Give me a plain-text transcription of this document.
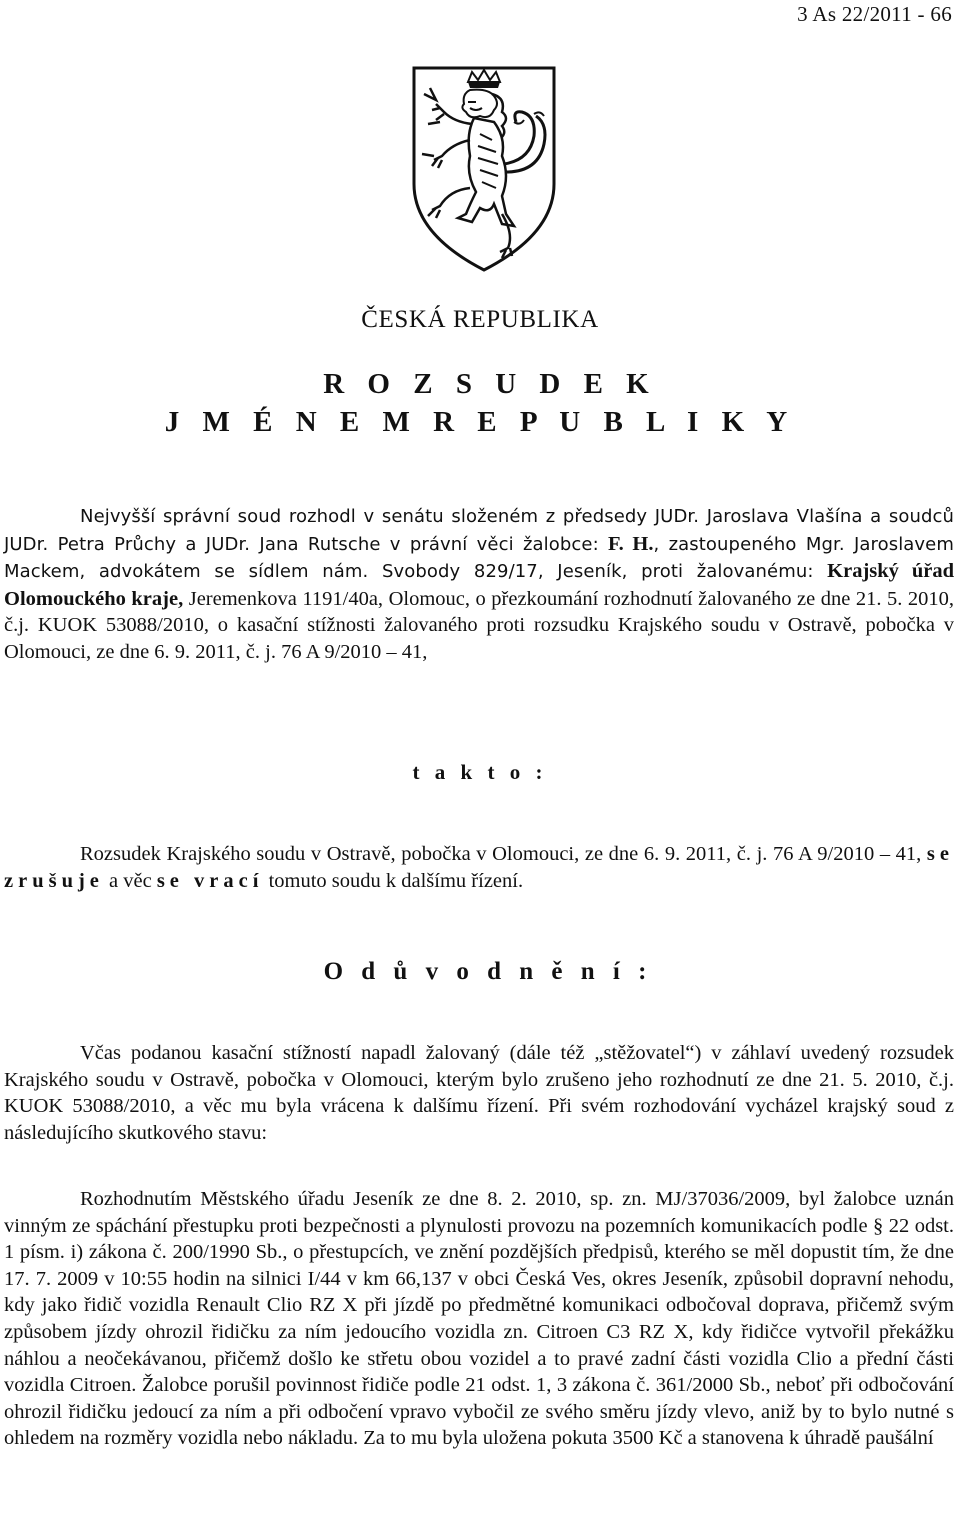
3 As 22/2011 - 66
ČESKÁ REPUBLIKA
R O Z S U D E K
J M É N E M R E P U B L I K Y

Nejvyšší správní soud rozhodl v senátu složeném z předsedy JUDr. Jaroslava Vlašína a soudců JUDr. Petra Průchy a JUDr. Jana Rutsche v právní věci žalobce: F. H., zastoupeného Mgr. Jaroslavem Mackem, advokátem se sídlem nám. Svobody 829/17, Jeseník, proti žalovanému: Krajský úřad Olomouckého kraje, Jeremenkova 1191/40a, Olomouc, o přezkoumání rozhodnutí žalovaného ze dne 21. 5. 2010, č.j. KUOK 53088/2010, o kasační stížnosti žalovaného proti rozsudku Krajského soudu v Ostravě, pobočka v Olomouci, ze dne 6. 9. 2011, č. j. 76 A 9/2010 – 41,

t a k t o :

Rozsudek Krajského soudu v Ostravě, pobočka v Olomouci, ze dne 6. 9. 2011, č. j. 76 A 9/2010 – 41, se zrušuje a věc se vrací tomuto soudu k dalšímu řízení.

O d ů v o d n ě n í :

Včas podanou kasační stížností napadl žalovaný (dále též „stěžovatel“) v záhlaví uvedený rozsudek Krajského soudu v Ostravě, pobočka v Olomouci, kterým bylo zrušeno jeho rozhodnutí ze dne 21. 5. 2010, č.j. KUOK 53088/2010, a věc mu byla vrácena k dalšímu řízení. Při svém rozhodování vycházel krajský soud z následujícího skutkového stavu:

Rozhodnutím Městského úřadu Jeseník ze dne 8. 2. 2010, sp. zn. MJ/37036/2009, byl žalobce uznán vinným ze spáchání přestupku proti bezpečnosti a plynulosti provozu na pozemních komunikacích podle § 22 odst. 1 písm. i) zákona č. 200/1990 Sb., o přestupcích, ve znění pozdějších předpisů, kterého se měl dopustit tím, že dne 17. 7. 2009 v 10:55 hodin na silnici I/44 v km 66,137 v obci Česká Ves, okres Jeseník, způsobil dopravní nehodu, kdy jako řidič vozidla Renault Clio RZ X při jízdě po předmětné komunikaci odbočoval doprava, přičemž svým způsobem jízdy ohrozil řidičku za ním jedoucího vozidla zn. Citroen C3 RZ X, kdy řidičce vytvořil překážku náhlou a neočekávanou, přičemž došlo ke střetu obou vozidel a to pravé zadní části vozidla Clio a přední části vozidla Citroen. Žalobce porušil povinnost řidiče podle 21 odst. 1, 3 zákona č. 361/2000 Sb., neboť při odbočování ohrozil řidičku jedoucí za ním a při odbočení vpravo vybočil ze svého směru jízdy vlevo, aniž by to bylo nutné s ohledem na rozměry vozidla nebo nákladu. Za to mu byla uložena pokuta 3500 Kč a stanovena k úhradě paušální
